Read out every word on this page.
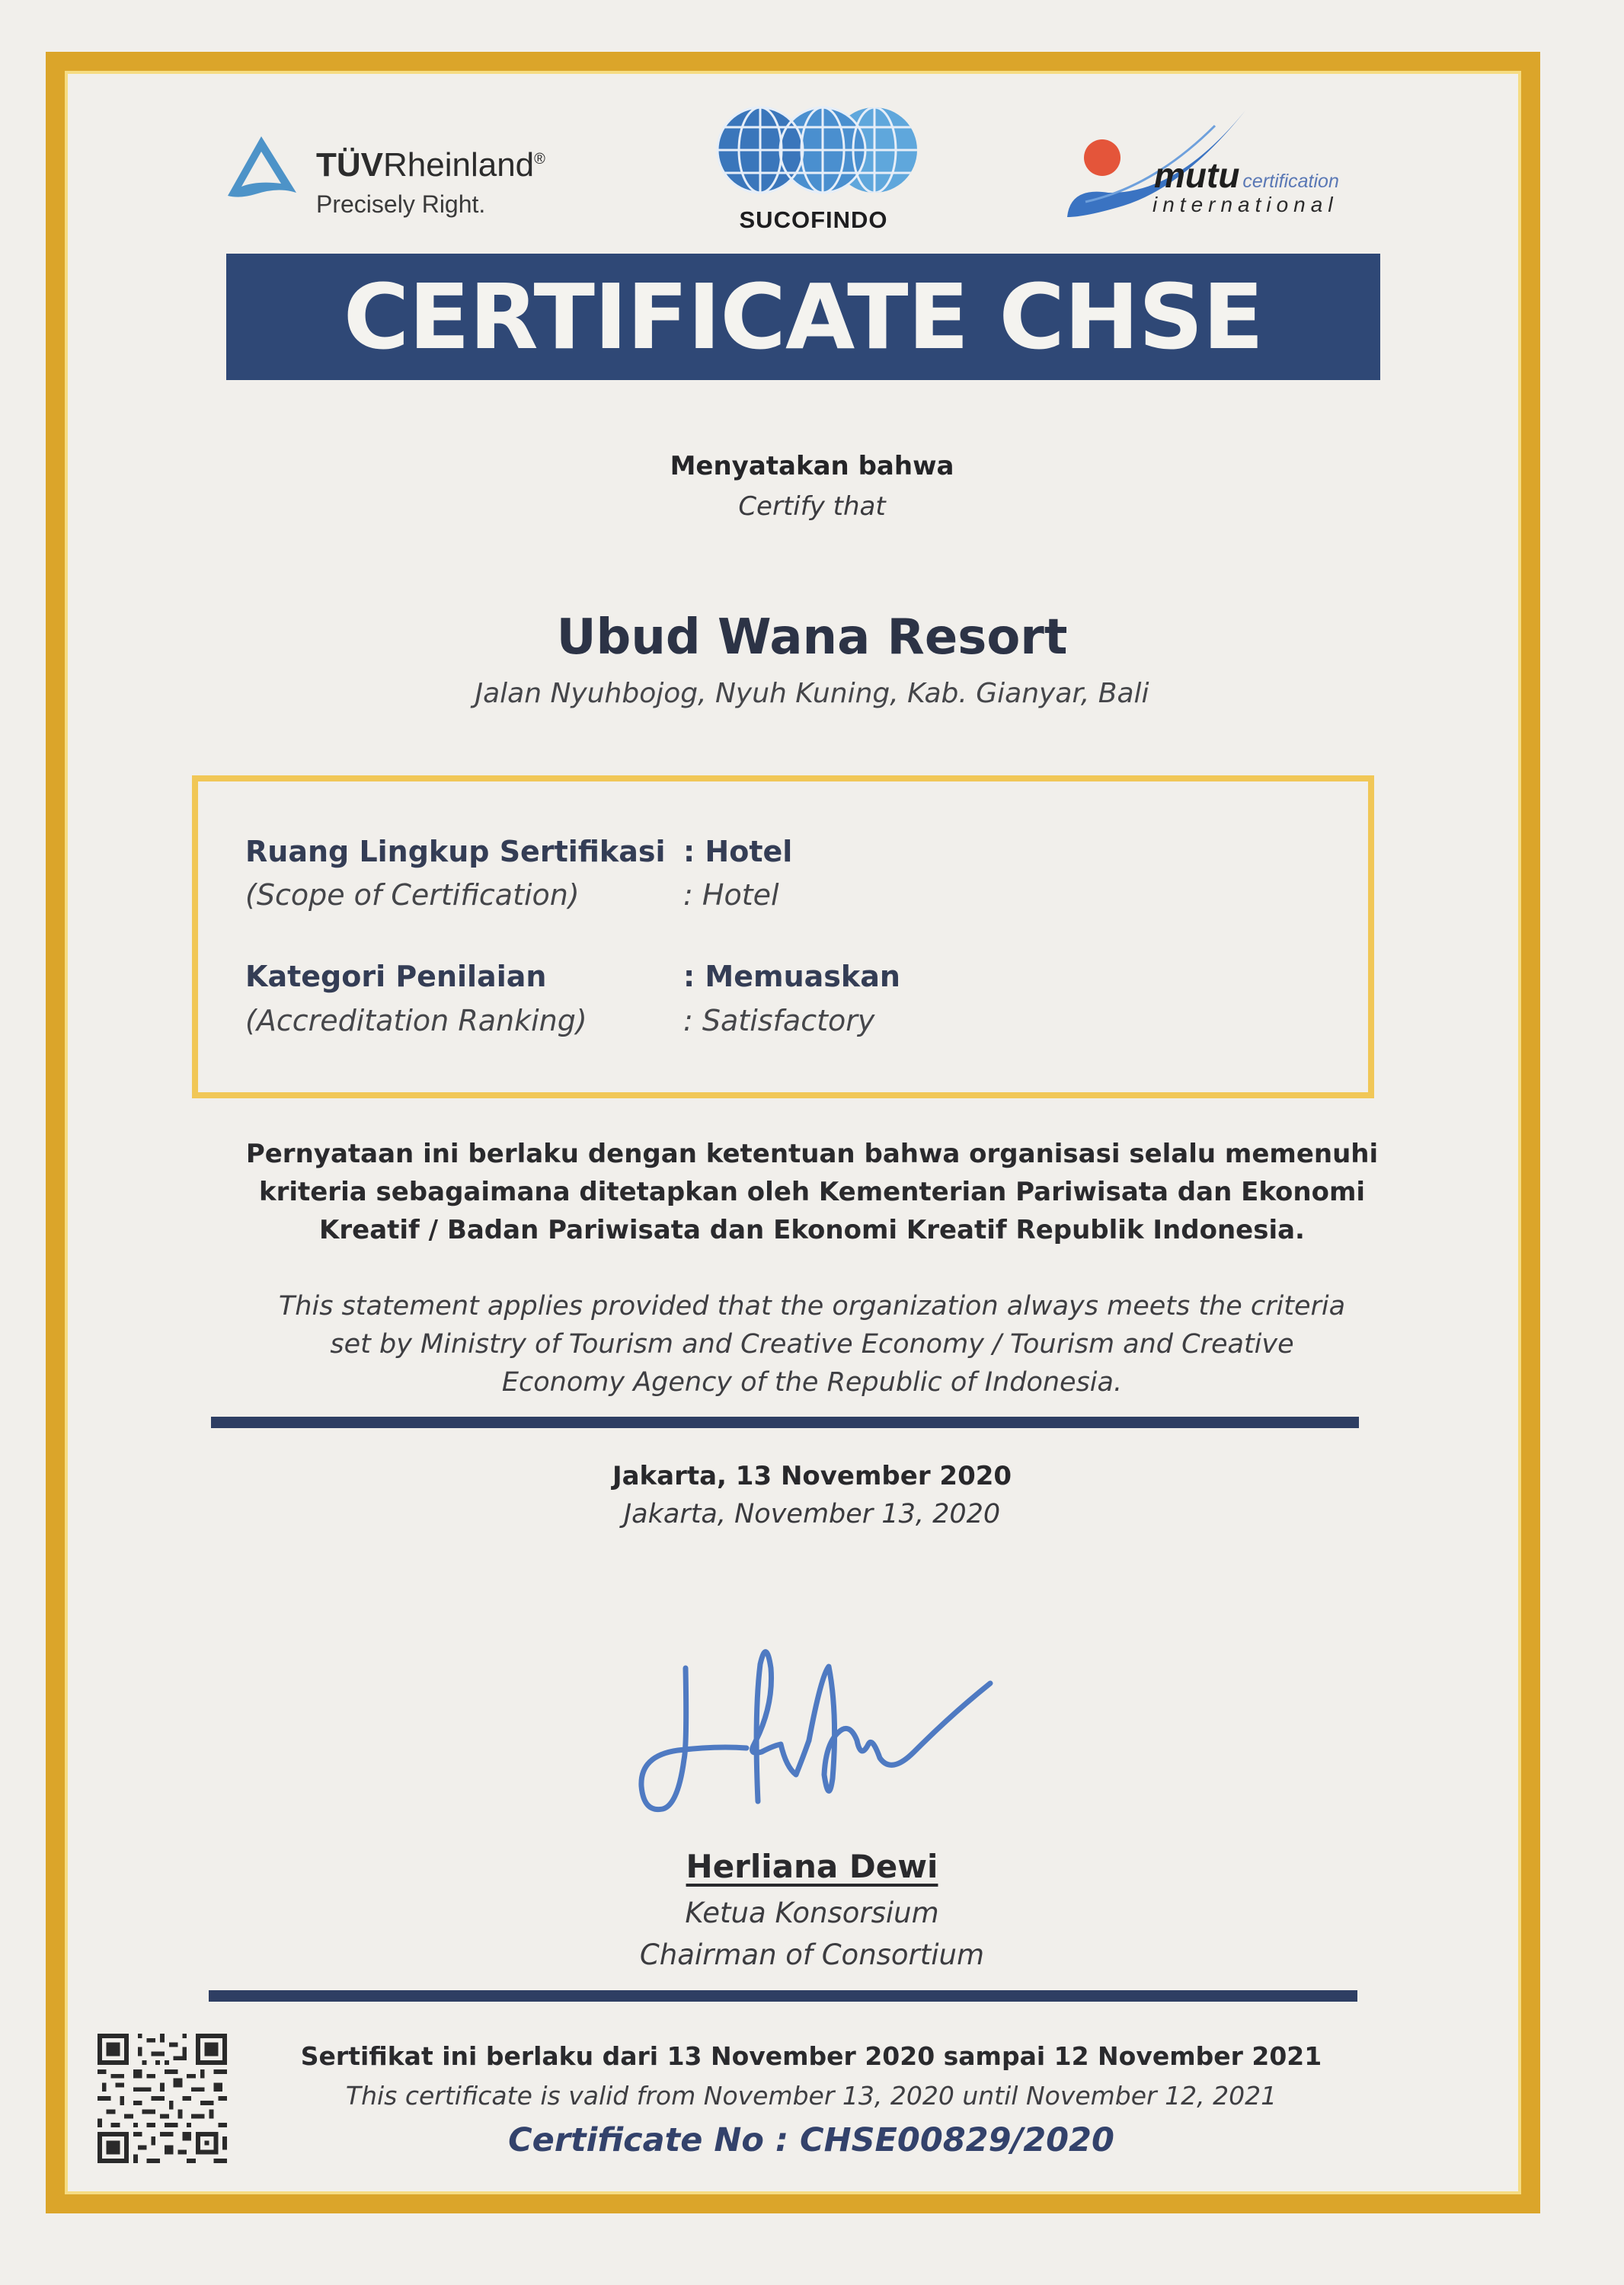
TÜVRheinland®
Precisely Right.
SUCOFINDO
mutu certification
international
CERTIFICATE CHSE
Menyatakan bahwa
Certify that
Ubud Wana Resort
Jalan Nyuhbojog, Nyuh Kuning, Kab. Gianyar, Bali
Ruang Lingkup Sertifikasi : Hotel
(Scope of Certification)	: Hotel
Kategori Penilaian	: Memuaskan
(Accreditation Ranking)	: Satisfactory
Pernyataan ini berlaku dengan ketentuan bahwa organisasi selalu memenuhi
kriteria sebagaimana ditetapkan oleh Kementerian Pariwisata dan Ekonomi
Kreatif / Badan Pariwisata dan Ekonomi Kreatif Republik Indonesia.
This statement applies provided that the organization always meets the criteria
set by Ministry of Tourism and Creative Economy / Tourism and Creative
Economy Agency of the Republic of Indonesia.
Jakarta, 13 November 2020
Jakarta, November 13, 2020
Herliana Dewi
Ketua Konsorsium
Chairman of Consortium
Sertifikat ini berlaku dari 13 November 2020 sampai 12 November 2021
This certificate is valid from November 13, 2020 until November 12, 2021
Certificate No : CHSE00829/2020
